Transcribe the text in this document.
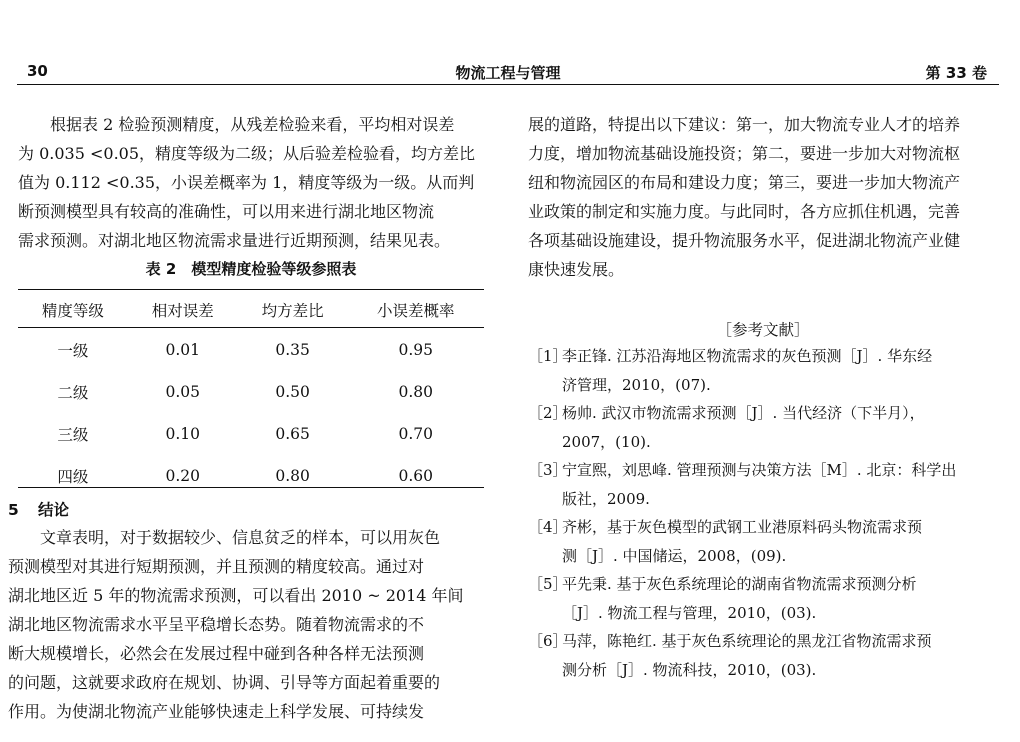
30	物流工程与管理	第 33 卷
根据表 2 检验预测精度，从残差检验来看，平均相对误差
为 0.035 <0.05，精度等级为二级；从后验差检验看，均方差比
值为 0.112 <0.35，小误差概率为 1，精度等级为一级。从而判
断预测模型具有较高的准确性，可以用来进行湖北地区物流
需求预测。对湖北地区物流需求量进行近期预测，结果见表。
表 2　模型精度检验等级参照表
精度等级	相对误差	均方差比	小误差概率
一级	0.01	0.35	0.95
二级	0.05	0.50	0.80
三级	0.10	0.65	0.70
四级	0.20	0.80	0.60
5 结论
文章表明，对于数据较少、信息贫乏的样本，可以用灰色
预测模型对其进行短期预测，并且预测的精度较高。通过对
湖北地区近 5 年的物流需求预测，可以看出 2010 ~ 2014 年间
湖北地区物流需求水平呈平稳增长态势。随着物流需求的不
断大规模增长，必然会在发展过程中碰到各种各样无法预测
的问题，这就要求政府在规划、协调、引导等方面起着重要的
作用。为使湖北物流产业能够快速走上科学发展、可持续发
展的道路，特提出以下建议：第一，加大物流专业人才的培养
力度，增加物流基础设施投资；第二，要进一步加大对物流枢
纽和物流园区的布局和建设力度；第三，要进一步加大物流产
业政策的制定和实施力度。与此同时，各方应抓住机遇，完善
各项基础设施建设，提升物流服务水平，促进湖北物流产业健
康快速发展。
［参考文献］
［1］
李正锋. 江苏沿海地区物流需求的灰色预测［J］. 华东经
济管理，2010，(07).
［2］
杨帅. 武汉市物流需求预测［J］. 当代经济（下半月），
2007，(10).
［3］
宁宣熙，刘思峰. 管理预测与决策方法［M］. 北京：科学出
版社，2009.
［4］
齐彬，基于灰色模型的武钢工业港原料码头物流需求预
测［J］. 中国储运，2008，(09).
［5］
平先秉. 基于灰色系统理论的湖南省物流需求预测分析
［J］. 物流工程与管理，2010，(03).
［6］
马萍，陈艳红. 基于灰色系统理论的黑龙江省物流需求预
测分析［J］. 物流科技，2010，(03).
